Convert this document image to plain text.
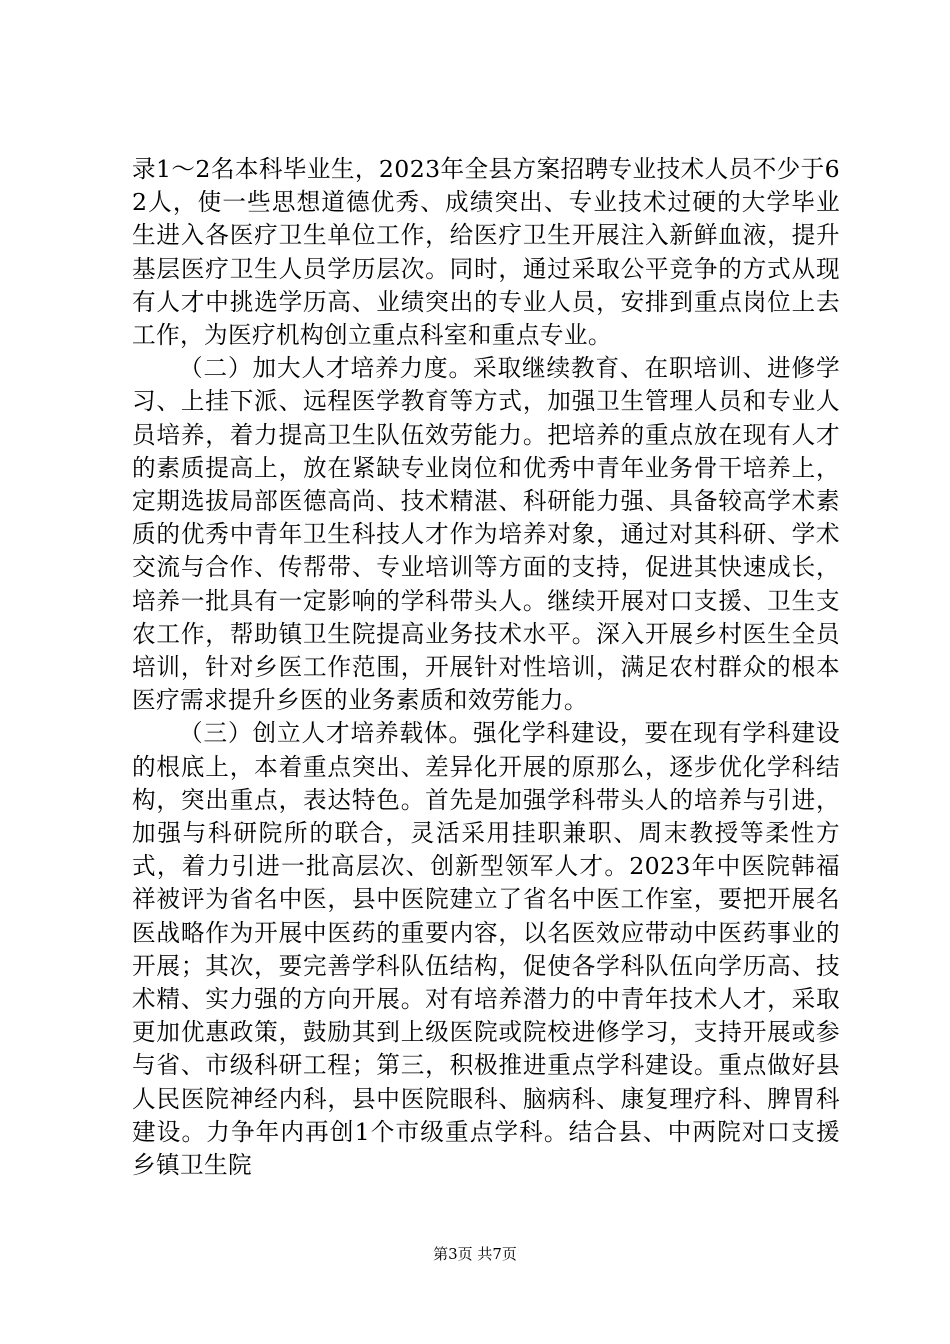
录1～2名本科毕业生，2023年全县方案招聘专业技术人员不少于62人，使一些思想道德优秀、成绩突出、专业技术过硬的大学毕业生进入各医疗卫生单位工作，给医疗卫生开展注入新鲜血液，提升基层医疗卫生人员学历层次。同时，通过采取公平竞争的方式从现有人才中挑选学历高、业绩突出的专业人员，安排到重点岗位上去工作，为医疗机构创立重点科室和重点专业。

（二）加大人才培养力度。采取继续教育、在职培训、进修学习、上挂下派、远程医学教育等方式，加强卫生管理人员和专业人员培养，着力提高卫生队伍效劳能力。把培养的重点放在现有人才的素质提高上，放在紧缺专业岗位和优秀中青年业务骨干培养上，定期选拔局部医德高尚、技术精湛、科研能力强、具备较高学术素质的优秀中青年卫生科技人才作为培养对象，通过对其科研、学术交流与合作、传帮带、专业培训等方面的支持，促进其快速成长，培养一批具有一定影响的学科带头人。继续开展对口支援、卫生支农工作，帮助镇卫生院提高业务技术水平。深入开展乡村医生全员培训，针对乡医工作范围，开展针对性培训，满足农村群众的根本医疗需求提升乡医的业务素质和效劳能力。

（三）创立人才培养载体。强化学科建设，要在现有学科建设的根底上，本着重点突出、差异化开展的原那么，逐步优化学科结构，突出重点，表达特色。首先是加强学科带头人的培养与引进，加强与科研院所的联合，灵活采用挂职兼职、周末教授等柔性方式，着力引进一批高层次、创新型领军人才。2023年中医院韩福祥被评为省名中医，县中医院建立了省名中医工作室，要把开展名医战略作为开展中医药的重要内容，以名医效应带动中医药事业的开展；其次，要完善学科队伍结构，促使各学科队伍向学历高、技术精、实力强的方向开展。对有培养潜力的中青年技术人才，采取更加优惠政策，鼓励其到上级医院或院校进修学习，支持开展或参与省、市级科研工程；第三，积极推进重点学科建设。重点做好县人民医院神经内科，县中医院眼科、脑病科、康复理疗科、脾胃科建设。力争年内再创1个市级重点学科。结合县、中两院对口支援乡镇卫生院

第3页 共7页
